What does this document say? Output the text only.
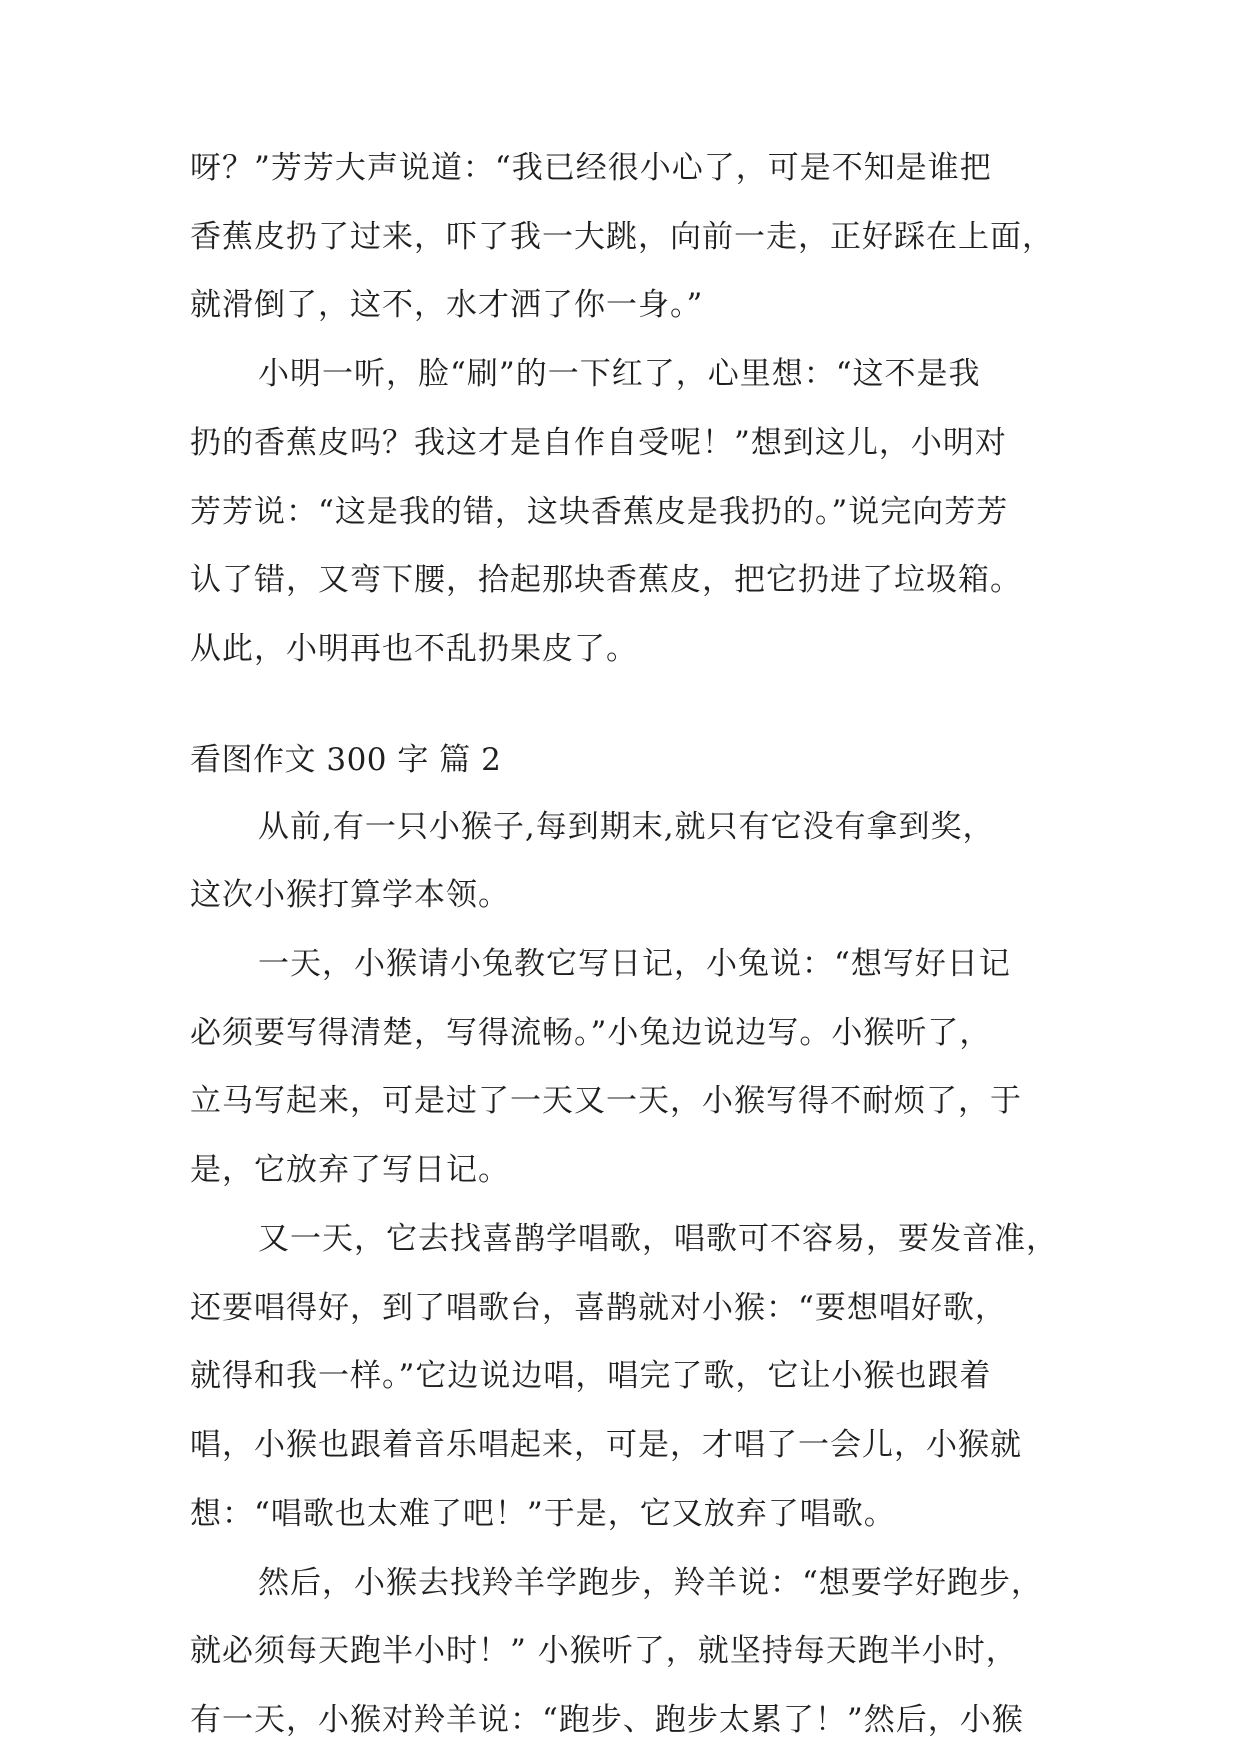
呀？”芳芳大声说道：“我已经很小心了，可是不知是谁把
香蕉皮扔了过来，吓了我一大跳，向前一走，正好踩在上面，
就滑倒了，这不，水才洒了你一身。”
小明一听，脸“刷”的一下红了，心里想：“这不是我
扔的香蕉皮吗？我这才是自作自受呢！”想到这儿，小明对
芳芳说：“这是我的错，这块香蕉皮是我扔的。”说完向芳芳
认了错，又弯下腰，拾起那块香蕉皮，把它扔进了垃圾箱。
从此，小明再也不乱扔果皮了。
看图作文 300 字 篇 2
从前,有一只小猴子,每到期末,就只有它没有拿到奖，
这次小猴打算学本领。
一天，小猴请小兔教它写日记，小兔说：“想写好日记
必须要写得清楚，写得流畅。”小兔边说边写。小猴听了，
立马写起来，可是过了一天又一天，小猴写得不耐烦了，于
是，它放弃了写日记。
又一天，它去找喜鹊学唱歌，唱歌可不容易，要发音准，
还要唱得好，到了唱歌台，喜鹊就对小猴：“要想唱好歌，
就得和我一样。”它边说边唱，唱完了歌，它让小猴也跟着
唱，小猴也跟着音乐唱起来，可是，才唱了一会儿，小猴就
想：“唱歌也太难了吧！”于是，它又放弃了唱歌。
然后，小猴去找羚羊学跑步，羚羊说：“想要学好跑步，
就必须每天跑半小时！” 小猴听了，就坚持每天跑半小时，
有一天，小猴对羚羊说：“跑步、跑步太累了！”然后，小猴
